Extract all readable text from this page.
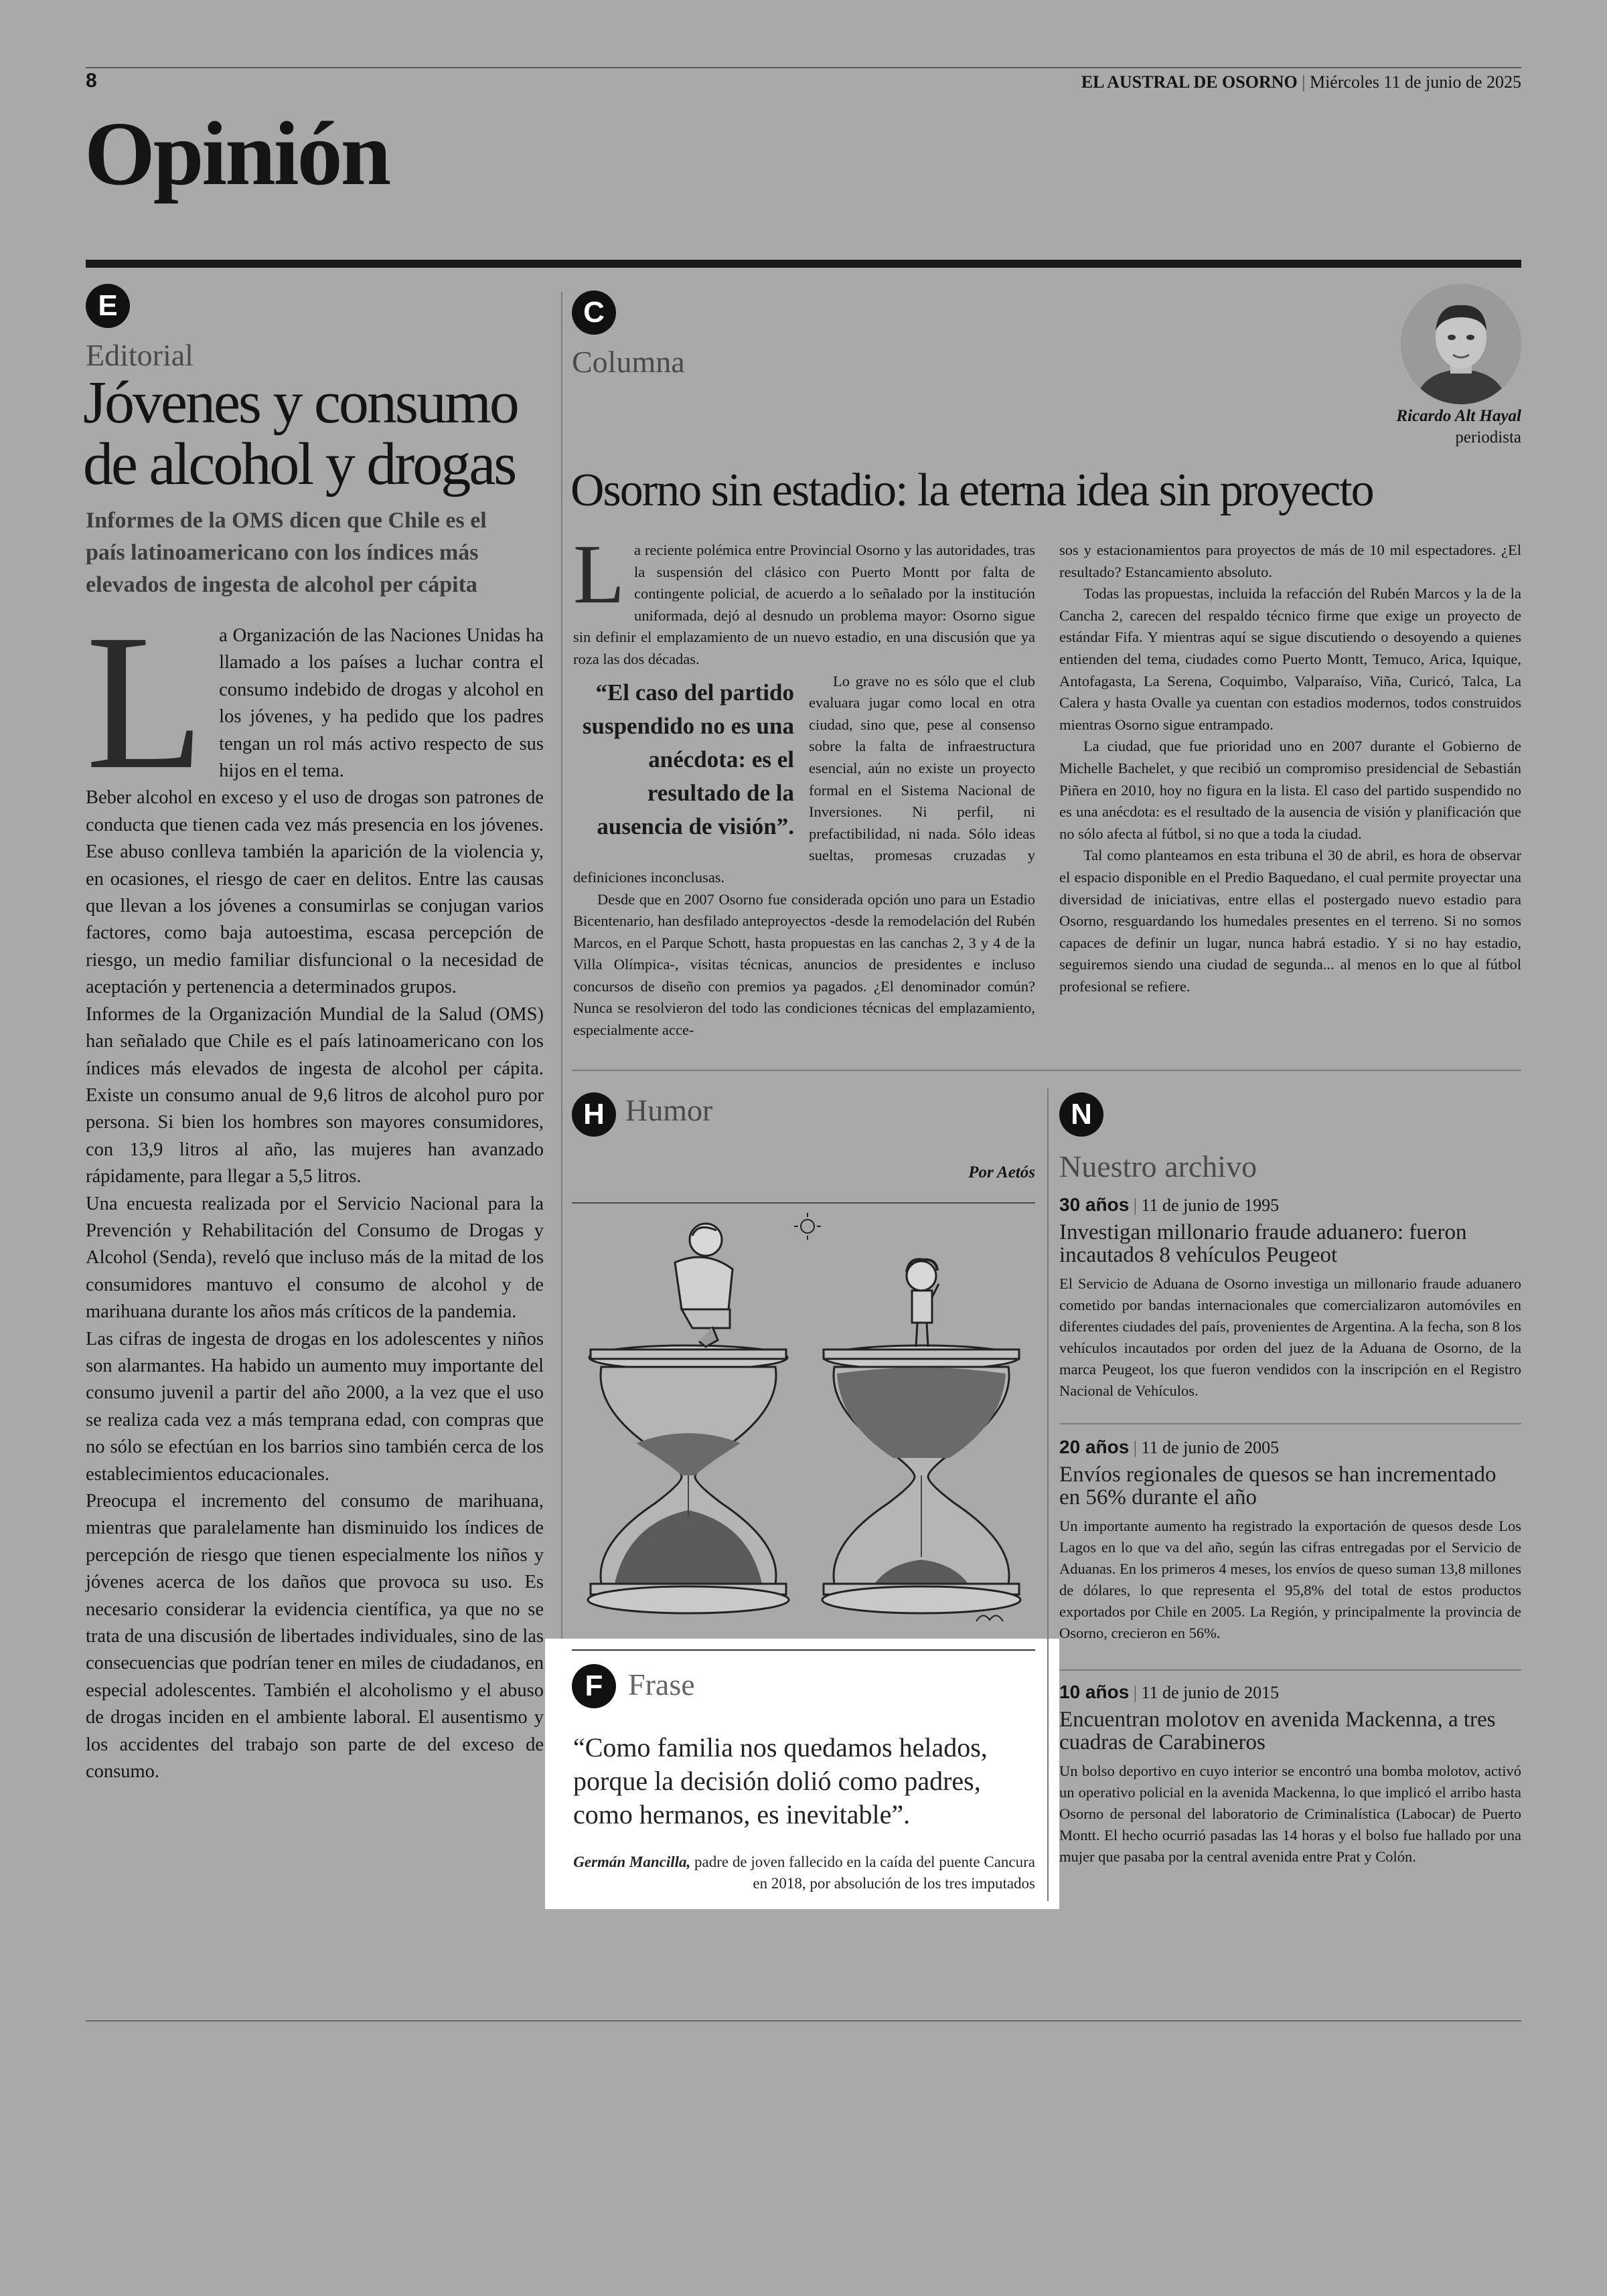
8	EL AUSTRAL DE OSORNO | Miércoles 11 de junio de 2025
Opinión
E
Editorial
Jóvenes y consumo de alcohol y drogas
Informes de la OMS dicen que Chile es el país latinoamericano con los índices más elevados de ingesta de alcohol per cápita

La Organización de las Naciones Unidas ha llamado a los países a luchar contra el consumo indebido de drogas y alcohol en los jóvenes, y ha pedido que los padres tengan un rol más activo respecto de sus hijos en el tema.

Beber alcohol en exceso y el uso de drogas son patrones de conducta que tienen cada vez más presencia en los jóvenes. Ese abuso conlleva también la aparición de la violencia y, en ocasiones, el riesgo de caer en delitos. Entre las causas que llevan a los jóvenes a consumirlas se conjugan varios factores, como baja autoestima, escasa percepción de riesgo, un medio familiar disfuncional o la necesidad de aceptación y pertenencia a determinados grupos.

Informes de la Organización Mundial de la Salud (OMS) han señalado que Chile es el país latinoamericano con los índices más elevados de ingesta de alcohol per cápita. Existe un consumo anual de 9,6 litros de alcohol puro por persona. Si bien los hombres son mayores consumidores, con 13,9 litros al año, las mujeres han avanzado rápidamente, para llegar a 5,5 litros.

Una encuesta realizada por el Servicio Nacional para la Prevención y Rehabilitación del Consumo de Drogas y Alcohol (Senda), reveló que incluso más de la mitad de los consumidores mantuvo el consumo de alcohol y de marihuana durante los años más críticos de la pandemia.

Las cifras de ingesta de drogas en los adolescentes y niños son alarmantes. Ha habido un aumento muy importante del consumo juvenil a partir del año 2000, a la vez que el uso se realiza cada vez a más temprana edad, con compras que no sólo se efectúan en los barrios sino también cerca de los establecimientos educacionales.

Preocupa el incremento del consumo de marihuana, mientras que paralelamente han disminuido los índices de percepción de riesgo que tienen especialmente los niños y jóvenes acerca de los daños que provoca su uso. Es necesario considerar la evidencia científica, ya que no se trata de una discusión de libertades individuales, sino de las consecuencias que podrían tener en miles de ciudadanos, en especial adolescentes. También el alcoholismo y el abuso de drogas inciden en el ambiente laboral. El ausentismo y los accidentes del trabajo son parte de del exceso de consumo.

C
Columna
Ricardo Alt Hayal
periodista
Osorno sin estadio: la eterna idea sin proyecto

La reciente polémica entre Provincial Osorno y las autoridades, tras la suspensión del clásico con Puerto Montt por falta de contingente policial, de acuerdo a lo señalado por la institución uniformada, dejó al desnudo un problema mayor: Osorno sigue sin definir el emplazamiento de un nuevo estadio, en una discusión que ya roza las dos décadas.

“El caso del partido suspendido no es una anécdota: es el resultado de la ausencia de visión”.

Lo grave no es sólo que el club evaluara jugar como local en otra ciudad, sino que, pese al consenso sobre la falta de infraestructura esencial, aún no existe un proyecto formal en el Sistema Nacional de Inversiones. Ni perfil, ni prefactibilidad, ni nada. Sólo ideas sueltas, promesas cruzadas y definiciones inconclusas.

Desde que en 2007 Osorno fue considerada opción uno para un Estadio Bicentenario, han desfilado anteproyectos -desde la remodelación del Rubén Marcos, en el Parque Schott, hasta propuestas en las canchas 2, 3 y 4 de la Villa Olímpica-, visitas técnicas, anuncios de presidentes e incluso concursos de diseño con premios ya pagados. ¿El denominador común? Nunca se resolvieron del todo las condiciones técnicas del emplazamiento, especialmente acce-

sos y estacionamientos para proyectos de más de 10 mil espectadores. ¿El resultado? Estancamiento absoluto.

Todas las propuestas, incluida la refacción del Rubén Marcos y la de la Cancha 2, carecen del respaldo técnico firme que exige un proyecto de estándar Fifa. Y mientras aquí se sigue discutiendo o desoyendo a quienes entienden del tema, ciudades como Puerto Montt, Temuco, Arica, Iquique, Antofagasta, La Serena, Coquimbo, Valparaíso, Viña, Curicó, Talca, La Calera y hasta Ovalle ya cuentan con estadios modernos, todos construidos mientras Osorno sigue entrampado.

La ciudad, que fue prioridad uno en 2007 durante el Gobierno de Michelle Bachelet, y que recibió un compromiso presidencial de Sebastián Piñera en 2010, hoy no figura en la lista. El caso del partido suspendido no es una anécdota: es el resultado de la ausencia de visión y planificación que no sólo afecta al fútbol, si no que a toda la ciudad.

Tal como planteamos en esta tribuna el 30 de abril, es hora de observar el espacio disponible en el Predio Baquedano, el cual permite proyectar una diversidad de iniciativas, entre ellas el postergado nuevo estadio para Osorno, resguardando los humedales presentes en el terreno. Si no somos capaces de definir un lugar, nunca habrá estadio. Y si no hay estadio, seguiremos siendo una ciudad de segunda... al menos en lo que al fútbol profesional se refiere.

H Humor
Por Aetós
F Frase
“Como familia nos quedamos helados, porque la decisión dolió como padres, como hermanos, es inevitable”.
Germán Mancilla, padre de joven fallecido en la caída del puente Cancura en 2018, por absolución de los tres imputados
N
Nuestro archivo
30 años | 11 de junio de 1995
Investigan millonario fraude aduanero: fueron incautados 8 vehículos Peugeot
El Servicio de Aduana de Osorno investiga un millonario fraude aduanero cometido por bandas internacionales que comercializaron automóviles en diferentes ciudades del país, provenientes de Argentina. A la fecha, son 8 los vehículos incautados por orden del juez de la Aduana de Osorno, de la marca Peugeot, los que fueron vendidos con la inscripción en el Registro Nacional de Vehículos.
20 años | 11 de junio de 2005
Envíos regionales de quesos se han incrementado en 56% durante el año
Un importante aumento ha registrado la exportación de quesos desde Los Lagos en lo que va del año, según las cifras entregadas por el Servicio de Aduanas. En los primeros 4 meses, los envíos de queso suman 13,8 millones de dólares, lo que representa el 95,8% del total de estos productos exportados por Chile en 2005. La Región, y principalmente la provincia de Osorno, crecieron en 56%.
10 años | 11 de junio de 2015
Encuentran molotov en avenida Mackenna, a tres cuadras de Carabineros
Un bolso deportivo en cuyo interior se encontró una bomba molotov, activó un operativo policial en la avenida Mackenna, lo que implicó el arribo hasta Osorno de personal del laboratorio de Criminalística (Labocar) de Puerto Montt. El hecho ocurrió pasadas las 14 horas y el bolso fue hallado por una mujer que pasaba por la central avenida entre Prat y Colón.
